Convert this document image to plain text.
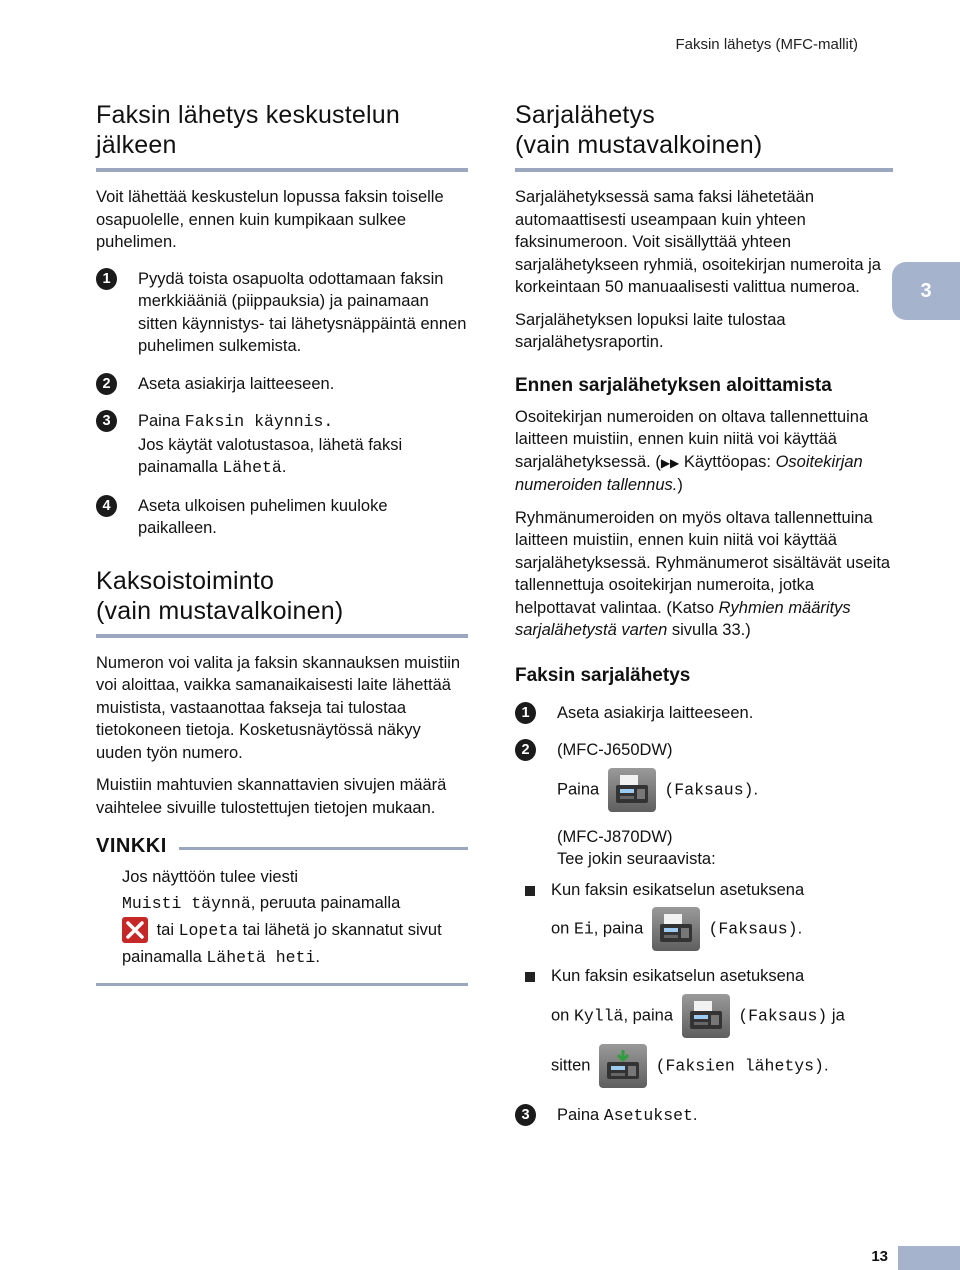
Faksin lähetys (MFC-mallit)
3
Faksin lähetys keskustelun
jälkeen

Voit lähettää keskustelun lopussa faksin toiselle osapuolelle, ennen kuin kumpikaan sulkee puhelimen.

1	Pyydä toista osapuolta odottamaan faksin merkkiääniä (piippauksia) ja painamaan sitten käynnistys- tai lähetysnäppäintä ennen puhelimen sulkemista.
2	Aseta asiakirja laitteeseen.
3	Paina Faksin käynnis.
Jos käytät valotustasoa, lähetä faksi painamalla Lähetä.
4	Aseta ulkoisen puhelimen kuuloke paikalleen.
Kaksoistoiminto
(vain mustavalkoinen)

Numeron voi valita ja faksin skannauksen muistiin voi aloittaa, vaikka samanaikaisesti laite lähettää muistista, vastaanottaa fakseja tai tulostaa tietokoneen tietoja. Kosketusnäytössä näkyy uuden työn numero.

Muistiin mahtuvien skannattavien sivujen määrä vaihtelee sivuille tulostettujen tietojen mukaan.

VINKKI
Jos näyttöön tulee viesti
Muisti täynnä, peruuta painamalla

tai Lopeta tai lähetä jo skannatut sivut painamalla Lähetä heti.
Sarjalähetys
(vain mustavalkoinen)

Sarjalähetyksessä sama faksi lähetetään automaattisesti useampaan kuin yhteen faksinumeroon. Voit sisällyttää yhteen sarjalähetykseen ryhmiä, osoitekirjan numeroita ja korkeintaan 50 manuaalisesti valittua numeroa.

Sarjalähetyksen lopuksi laite tulostaa sarjalähetysraportin.

Ennen sarjalähetyksen aloittamista

Osoitekirjan numeroiden on oltava tallennettuina laitteen muistiin, ennen kuin niitä voi käyttää sarjalähetyksessä. (▶▶ Käyttöopas: Osoitekirjan numeroiden tallennus.)

Ryhmänumeroiden on myös oltava tallennettuina laitteen muistiin, ennen kuin niitä voi käyttää sarjalähetyksessä. Ryhmänumerot sisältävät useita tallennettuja osoitekirjan numeroita, jotka helpottavat valintaa. (Katso Ryhmien määritys sarjalähetystä varten sivulla 33.)

Faksin sarjalähetys
1	Aseta asiakirja laitteeseen.
2	(MFC-J650DW)
Paina	(Faksaus).
(MFC-J870DW)
Tee jokin seuraavista:
Kun faksin esikatselun asetuksena
on Ei, paina	(Faksaus).
Kun faksin esikatselun asetuksena
on Kyllä, paina	(Faksaus) ja
sitten	(Faksien lähetys).
3	Paina Asetukset.
13
